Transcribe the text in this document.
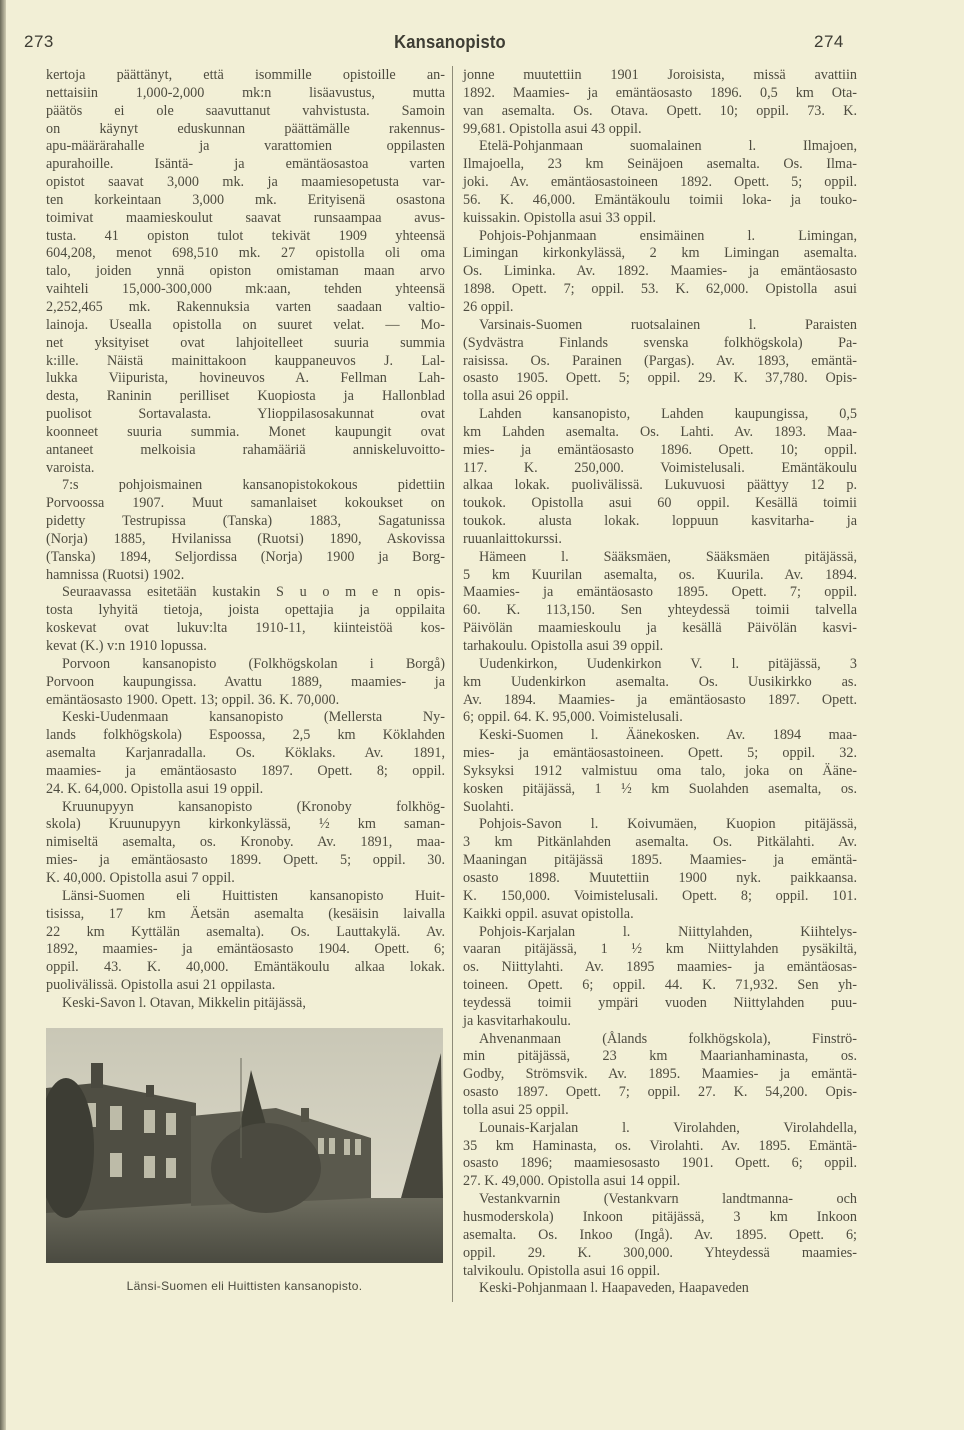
273	Kansanopisto	274
kertoja päättänyt, että isommille opistoille an-
nettaisiin 1,000-2,000 mk:n lisäavustus, mutta
päätös ei ole saavuttanut vahvistusta. Samoin
on käynyt eduskunnan päättämälle rakennus-
apu-määrärahalle ja varattomien oppilasten
apurahoille. Isäntä- ja emäntäosastoa varten
opistot saavat 3,000 mk. ja maamiesopetusta var-
ten korkeintaan 3,000 mk. Erityisenä osastona
toimivat maamieskoulut saavat runsaampaa avus-
tusta. 41 opiston tulot tekivät 1909 yhteensä
604,208, menot 698,510 mk. 27 opistolla oli oma
talo, joiden ynnä opiston omistaman maan arvo
vaihteli 15,000-300,000 mk:aan, tehden yhteensä
2,252,465 mk. Rakennuksia varten saadaan valtio-
lainoja. Usealla opistolla on suuret velat. — Mo-
net yksityiset ovat lahjoitelleet suuria summia
k:ille. Näistä mainittakoon kauppaneuvos J. Lal-
lukka Viipurista, hovineuvos A. Fellman Lah-
desta, Raninin perilliset Kuopiosta ja Hallonblad
puolisot Sortavalasta. Ylioppilasosakunnat ovat
koonneet suuria summia. Monet kaupungit ovat
antaneet melkoisia rahamääriä anniskeluvoitto-
varoista.
7:s pohjoismainen kansanopistokokous pidettiin
Porvoossa 1907. Muut samanlaiset kokoukset on
pidetty Testrupissa (Tanska) 1883, Sagatunissa
(Norja) 1885, Hvilanissa (Ruotsi) 1890, Askovissa
(Tanska) 1894, Seljordissa (Norja) 1900 ja Borg-
hamnissa (Ruotsi) 1902.
Seuraavassa esitetään kustakin S u o m e n opis-
tosta lyhyitä tietoja, joista opettajia ja oppilaita
koskevat ovat lukuv:lta 1910-11, kiinteistöä kos-
kevat (K.) v:n 1910 lopussa.
Porvoon kansanopisto (Folkhögskolan i Borgå)
Porvoon kaupungissa. Avattu 1889, maamies- ja
emäntäosasto 1900. Opett. 13; oppil. 36. K. 70,000.
Keski-Uudenmaan kansanopisto (Mellersta Ny-
lands folkhögskola) Espoossa, 2,5 km Köklahden
asemalta Karjanradalla. Os. Köklaks. Av. 1891,
maamies- ja emäntäosasto 1897. Opett. 8; oppil.
24. K. 64,000. Opistolla asui 19 oppil.
Kruunupyyn kansanopisto (Kronoby folkhög-
skola) Kruunupyyn kirkonkylässä, ½ km saman-
nimiseltä asemalta, os. Kronoby. Av. 1891, maa-
mies- ja emäntäosasto 1899. Opett. 5; oppil. 30.
K. 40,000. Opistolla asui 7 oppil.
Länsi-Suomen eli Huittisten kansanopisto Huit-
tisissa, 17 km Äetsän asemalta (kesäisin laivalla
22 km Kyttälän asemalta). Os. Lauttakylä. Av.
1892, maamies- ja emäntäosasto 1904. Opett. 6;
oppil. 43. K. 40,000. Emäntäkoulu alkaa lokak.
puolivälissä. Opistolla asui 21 oppilasta.
Keski-Savon l. Otavan, Mikkelin pitäjässä,
jonne muutettiin 1901 Joroisista, missä avattiin
1892. Maamies- ja emäntäosasto 1896. 0,5 km Ota-
van asemalta. Os. Otava. Opett. 10; oppil. 73. K.
99,681. Opistolla asui 43 oppil.
Etelä-Pohjanmaan suomalainen l. Ilmajoen,
Ilmajoella, 23 km Seinäjoen asemalta. Os. Ilma-
joki. Av. emäntäosastoineen 1892. Opett. 5; oppil.
56. K. 46,000. Emäntäkoulu toimii loka- ja touko-
kuissakin. Opistolla asui 33 oppil.
Pohjois-Pohjanmaan ensimäinen l. Limingan,
Limingan kirkonkylässä, 2 km Limingan asemalta.
Os. Liminka. Av. 1892. Maamies- ja emäntäosasto
1898. Opett. 7; oppil. 53. K. 62,000. Opistolla asui
26 oppil.
Varsinais-Suomen ruotsalainen l. Paraisten
(Sydvästra Finlands svenska folkhögskola) Pa-
raisissa. Os. Parainen (Pargas). Av. 1893, emäntä-
osasto 1905. Opett. 5; oppil. 29. K. 37,780. Opis-
tolla asui 26 oppil.
Lahden kansanopisto, Lahden kaupungissa, 0,5
km Lahden asemalta. Os. Lahti. Av. 1893. Maa-
mies- ja emäntäosasto 1896. Opett. 10; oppil.
117. K. 250,000. Voimistelusali. Emäntäkoulu
alkaa lokak. puolivälissä. Lukuvuosi päättyy 12 p.
toukok. Opistolla asui 60 oppil. Kesällä toimii
toukok. alusta lokak. loppuun kasvitarha- ja
ruuanlaittokurssi.
Hämeen l. Sääksmäen, Sääksmäen pitäjässä,
5 km Kuurilan asemalta, os. Kuurila. Av. 1894.
Maamies- ja emäntäosasto 1895. Opett. 7; oppil.
60. K. 113,150. Sen yhteydessä toimii talvella
Päivölän maamieskoulu ja kesällä Päivölän kasvi-
tarhakoulu. Opistolla asui 39 oppil.
Uudenkirkon, Uudenkirkon V. l. pitäjässä, 3
km Uudenkirkon asemalta. Os. Uusikirkko as.
Av. 1894. Maamies- ja emäntäosasto 1897. Opett.
6; oppil. 64. K. 95,000. Voimistelusali.
Keski-Suomen l. Äänekosken. Av. 1894 maa-
mies- ja emäntäosastoineen. Opett. 5; oppil. 32.
Syksyksi 1912 valmistuu oma talo, joka on Ääne-
kosken pitäjässä, 1 ½ km Suolahden asemalta, os.
Suolahti.
Pohjois-Savon l. Koivumäen, Kuopion pitäjässä,
3 km Pitkänlahden asemalta. Os. Pitkälahti. Av.
Maaningan pitäjässä 1895. Maamies- ja emäntä-
osasto 1898. Muutettiin 1900 nyk. paikkaansa.
K. 150,000. Voimistelusali. Opett. 8; oppil. 101.
Kaikki oppil. asuvat opistolla.
Pohjois-Karjalan l. Niittylahden, Kiihtelys-
vaaran pitäjässä, 1 ½ km Niittylahden pysäkiltä,
os. Niittylahti. Av. 1895 maamies- ja emäntäosas-
toineen. Opett. 6; oppil. 44. K. 71,932. Sen yh-
teydessä toimii ympäri vuoden Niittylahden puu-
ja kasvitarhakoulu.
Ahvenanmaan (Ålands folkhögskola), Finströ-
min pitäjässä, 23 km Maarianhaminasta, os.
Godby, Strömsvik. Av. 1895. Maamies- ja emäntä-
osasto 1897. Opett. 7; oppil. 27. K. 54,200. Opis-
tolla asui 25 oppil.
Lounais-Karjalan l. Virolahden, Virolahdella,
35 km Haminasta, os. Virolahti. Av. 1895. Emäntä-
osasto 1896; maamiesosasto 1901. Opett. 6; oppil.
27. K. 49,000. Opistolla asui 14 oppil.
Vestankvarnin (Vestankvarn landtmanna- och
husmoderskola) Inkoon pitäjässä, 3 km Inkoon
asemalta. Os. Inkoo (Ingå). Av. 1895. Opett. 6;
oppil. 29. K. 300,000. Yhteydessä maamies-
talvikoulu. Opistolla asui 16 oppil.
Keski-Pohjanmaan l. Haapaveden, Haapaveden
Länsi-Suomen eli Huittisten kansanopisto.
